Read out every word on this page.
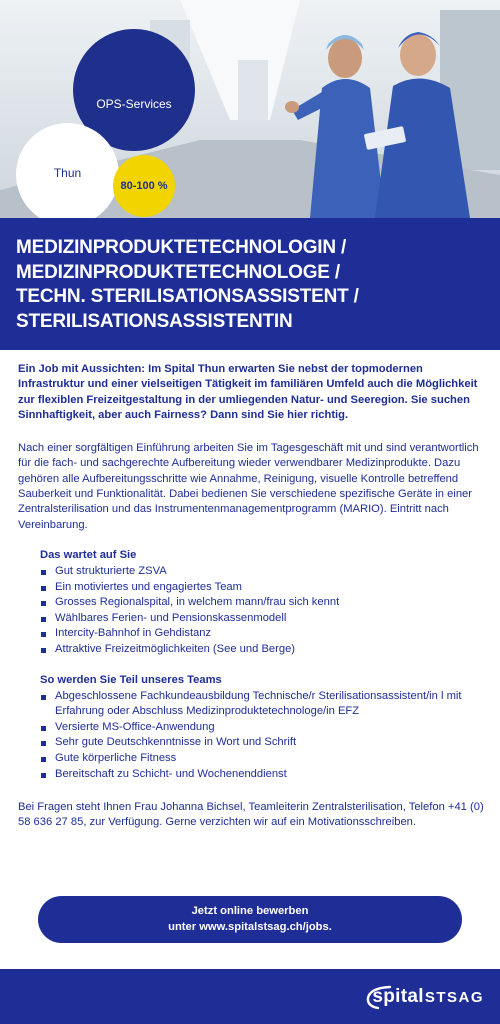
OPS-Services
Thun
80-100 %
MEDIZINPRODUKTETECHNOLOGIN /
MEDIZINPRODUKTETECHNOLOGE /
TECHN. STERILISATIONSASSISTENT /
STERILISATIONSASSISTENTIN

Ein Job mit Aussichten: Im Spital Thun erwarten Sie nebst der topmodernen Infrastruktur und einer vielseitigen Tätigkeit im familiären Umfeld auch die Möglichkeit zur flexiblen Freizeitgestaltung in der umliegenden Natur- und Seeregion. Sie suchen Sinnhaftigkeit, aber auch Fairness? Dann sind Sie hier richtig.

Nach einer sorgfältigen Einführung arbeiten Sie im Tagesgeschäft mit und sind verantwortlich für die fach- und sachgerechte Aufbereitung wieder verwendbarer Medizinprodukte. Dazu gehören alle Aufbereitungsschritte wie Annahme, Reinigung, visuelle Kontrolle betreffend Sauberkeit und Funktionalität. Dabei bedienen Sie verschiedene spezifische Geräte in einer Zentralsterilisation und das Instrumentenmanagementprogramm (MARIO). Eintritt nach Vereinbarung.

Das wartet auf Sie
Gut strukturierte ZSVA
Ein motiviertes und engagiertes Team
Grosses Regionalspital, in welchem mann/frau sich kennt
Wählbares Ferien- und Pensionskassenmodell
Intercity-Bahnhof in Gehdistanz
Attraktive Freizeitmöglichkeiten (See und Berge)
So werden Sie Teil unseres Teams
Abgeschlossene Fachkundeausbildung Technische/r Sterilisationsassistent/in l mit Erfahrung oder Abschluss Medizinproduktetechnologe/in EFZ
Versierte MS-Office-Anwendung
Sehr gute Deutschkenntnisse in Wort und Schrift
Gute körperliche Fitness
Bereitschaft zu Schicht- und Wochenenddienst

Bei Fragen steht Ihnen Frau Johanna Bichsel, Teamleiterin Zentralsterilisation, Telefon +41 (0) 58 636 27 85, zur Verfügung. Gerne verzichten wir auf ein Motivationsschreiben.

Jetzt online bewerben
unter www.spitalstsag.ch/jobs.
spital STSAG
